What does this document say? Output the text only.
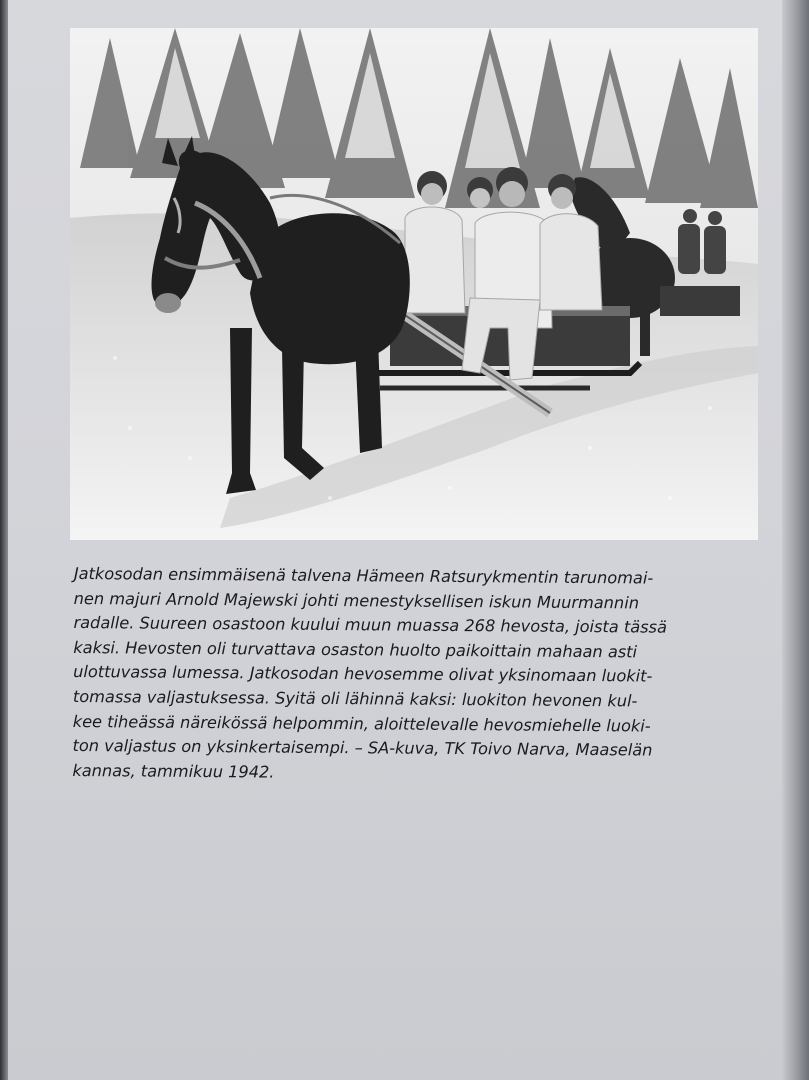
Jatkosodan ensimmäisenä talvena Hämeen Ratsurykmentin tarunomai-
nen majuri Arnold Majewski johti menestyksellisen iskun Muurmannin
radalle. Suureen osastoon kuului muun muassa 268 hevosta, joista tässä
kaksi. Hevosten oli turvattava osaston huolto paikoittain mahaan asti
ulottuvassa lumessa. Jatkosodan hevosemme olivat yksinomaan luokit-
tomassa valjastuksessa. Syitä oli lähinnä kaksi: luokiton hevonen kul-
kee tiheässä näreikössä helpommin, aloittelevalle hevosmiehelle luoki-
ton valjastus on yksinkertaisempi. – SA-kuva, TK Toivo Narva, Maaselän
kannas, tammikuu 1942.
